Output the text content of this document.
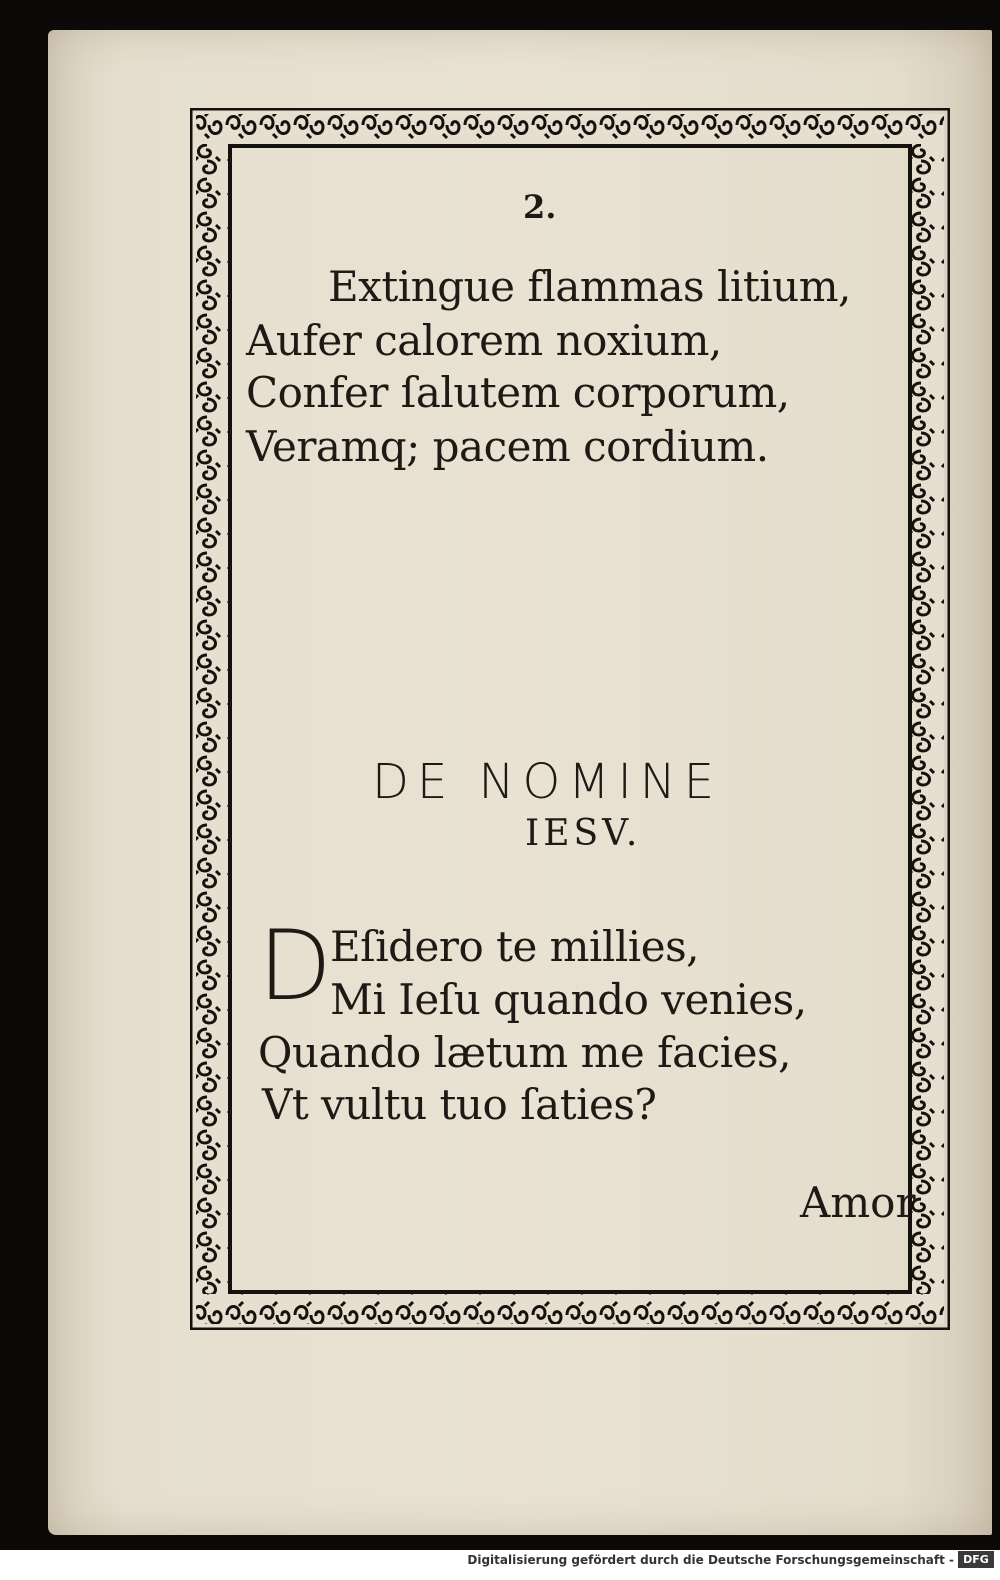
2.
Extingue flammas litium,
Aufer calorem noxium,
Confer ſalutem corporum,
Veramq; pacem cordium.
DE NOMINE
IESV.
D
Eſidero te millies,
Mi Ieſu quando venies,
Quando lætum me facies,
Vt vultu tuo ſaties?
Amor
Digitalisierung gefördert durch die Deutsche Forschungsgemeinschaft - DFG
